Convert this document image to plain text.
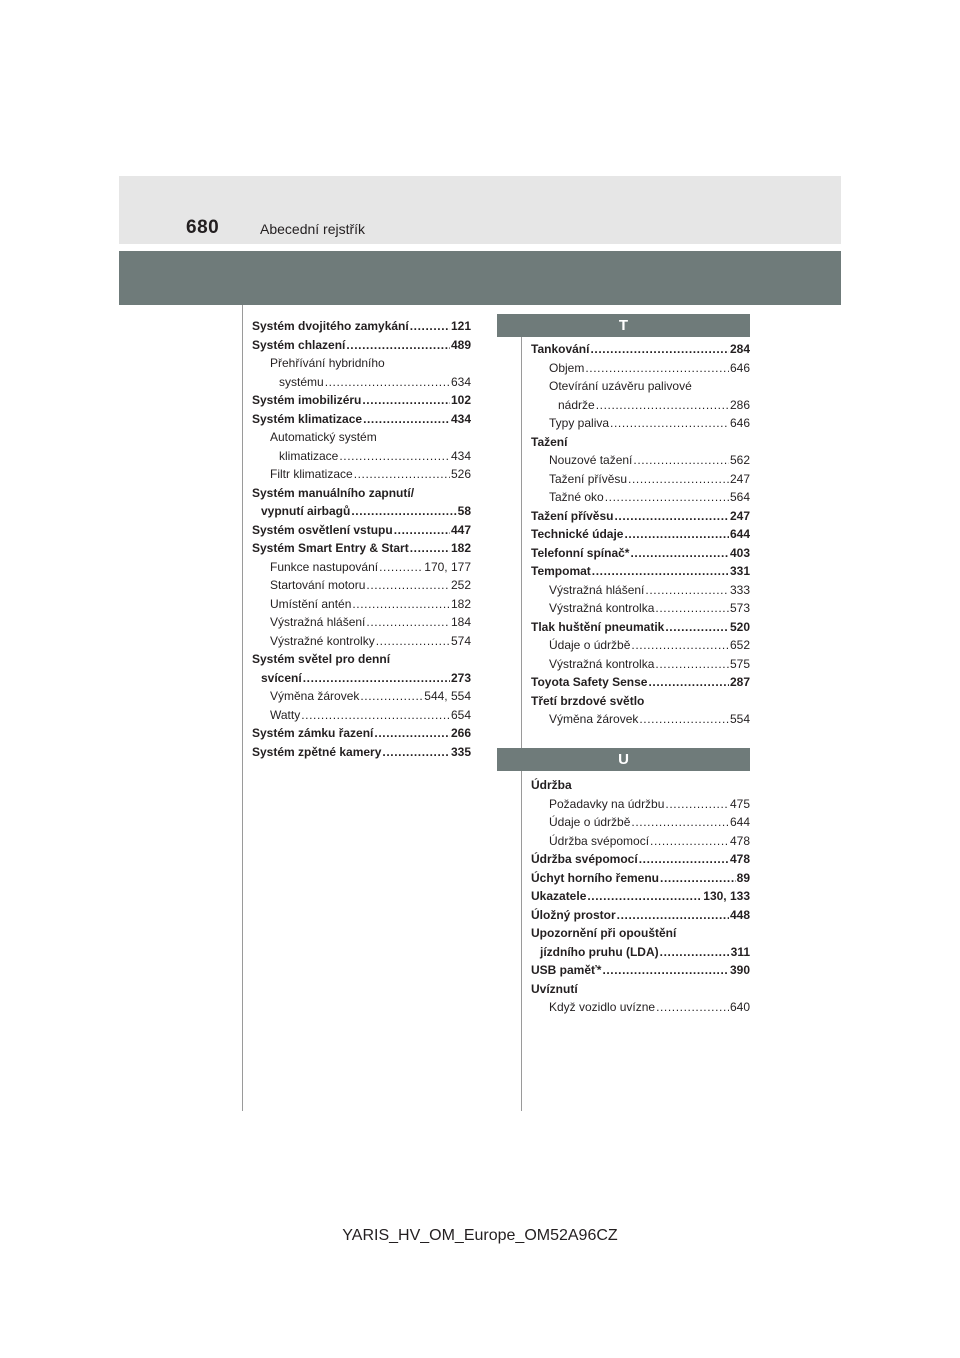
680	Abecední rejstřík
Systém dvojitého zamykání .....	121
Systém chlazení .....	489
Přehřívání hybridního
systému .....	634
Systém imobilizéru .....	102
Systém klimatizace .....	434
Automatický systém
klimatizace .....	434
Filtr klimatizace .....	526
Systém manuálního zapnutí/
vypnutí airbagů .....	58
Systém osvětlení vstupu .....	447
Systém Smart Entry & Start .....	182
Funkce nastupování .....	170, 177
Startování motoru .....	252
Umístění antén .....	182
Výstražná hlášení .....	184
Výstražné kontrolky .....	574
Systém světel pro denní
svícení .....	273
Výměna žárovek .....	544, 554
Watty .....	654
Systém zámku řazení .....	266
Systém zpětné kamery .....	335
T
Tankování .....	284
Objem .....	646
Otevírání uzávěru palivové
nádrže .....	286
Typy paliva .....	646
Tažení
Nouzové tažení .....	562
Tažení přívěsu .....	247
Tažné oko .....	564
Tažení přívěsu .....	247
Technické údaje .....	644
Telefonní spínač* .....	403
Tempomat .....	331
Výstražná hlášení .....	333
Výstražná kontrolka .....	573
Tlak huštění pneumatik .....	520
Údaje o údržbě .....	652
Výstražná kontrolka .....	575
Toyota Safety Sense .....	287
Třetí brzdové světlo
Výměna žárovek .....	554
U
Údržba
Požadavky na údržbu .....	475
Údaje o údržbě .....	644
Údržba svépomocí .....	478
Údržba svépomocí .....	478
Úchyt horního řemenu .....	89
Ukazatele .....	130, 133
Úložný prostor .....	448
Upozornění při opouštění
jízdního pruhu (LDA) .....	311
USB paměť* .....	390
Uvíznutí
Když vozidlo uvízne .....	640
YARIS_HV_OM_Europe_OM52A96CZ
